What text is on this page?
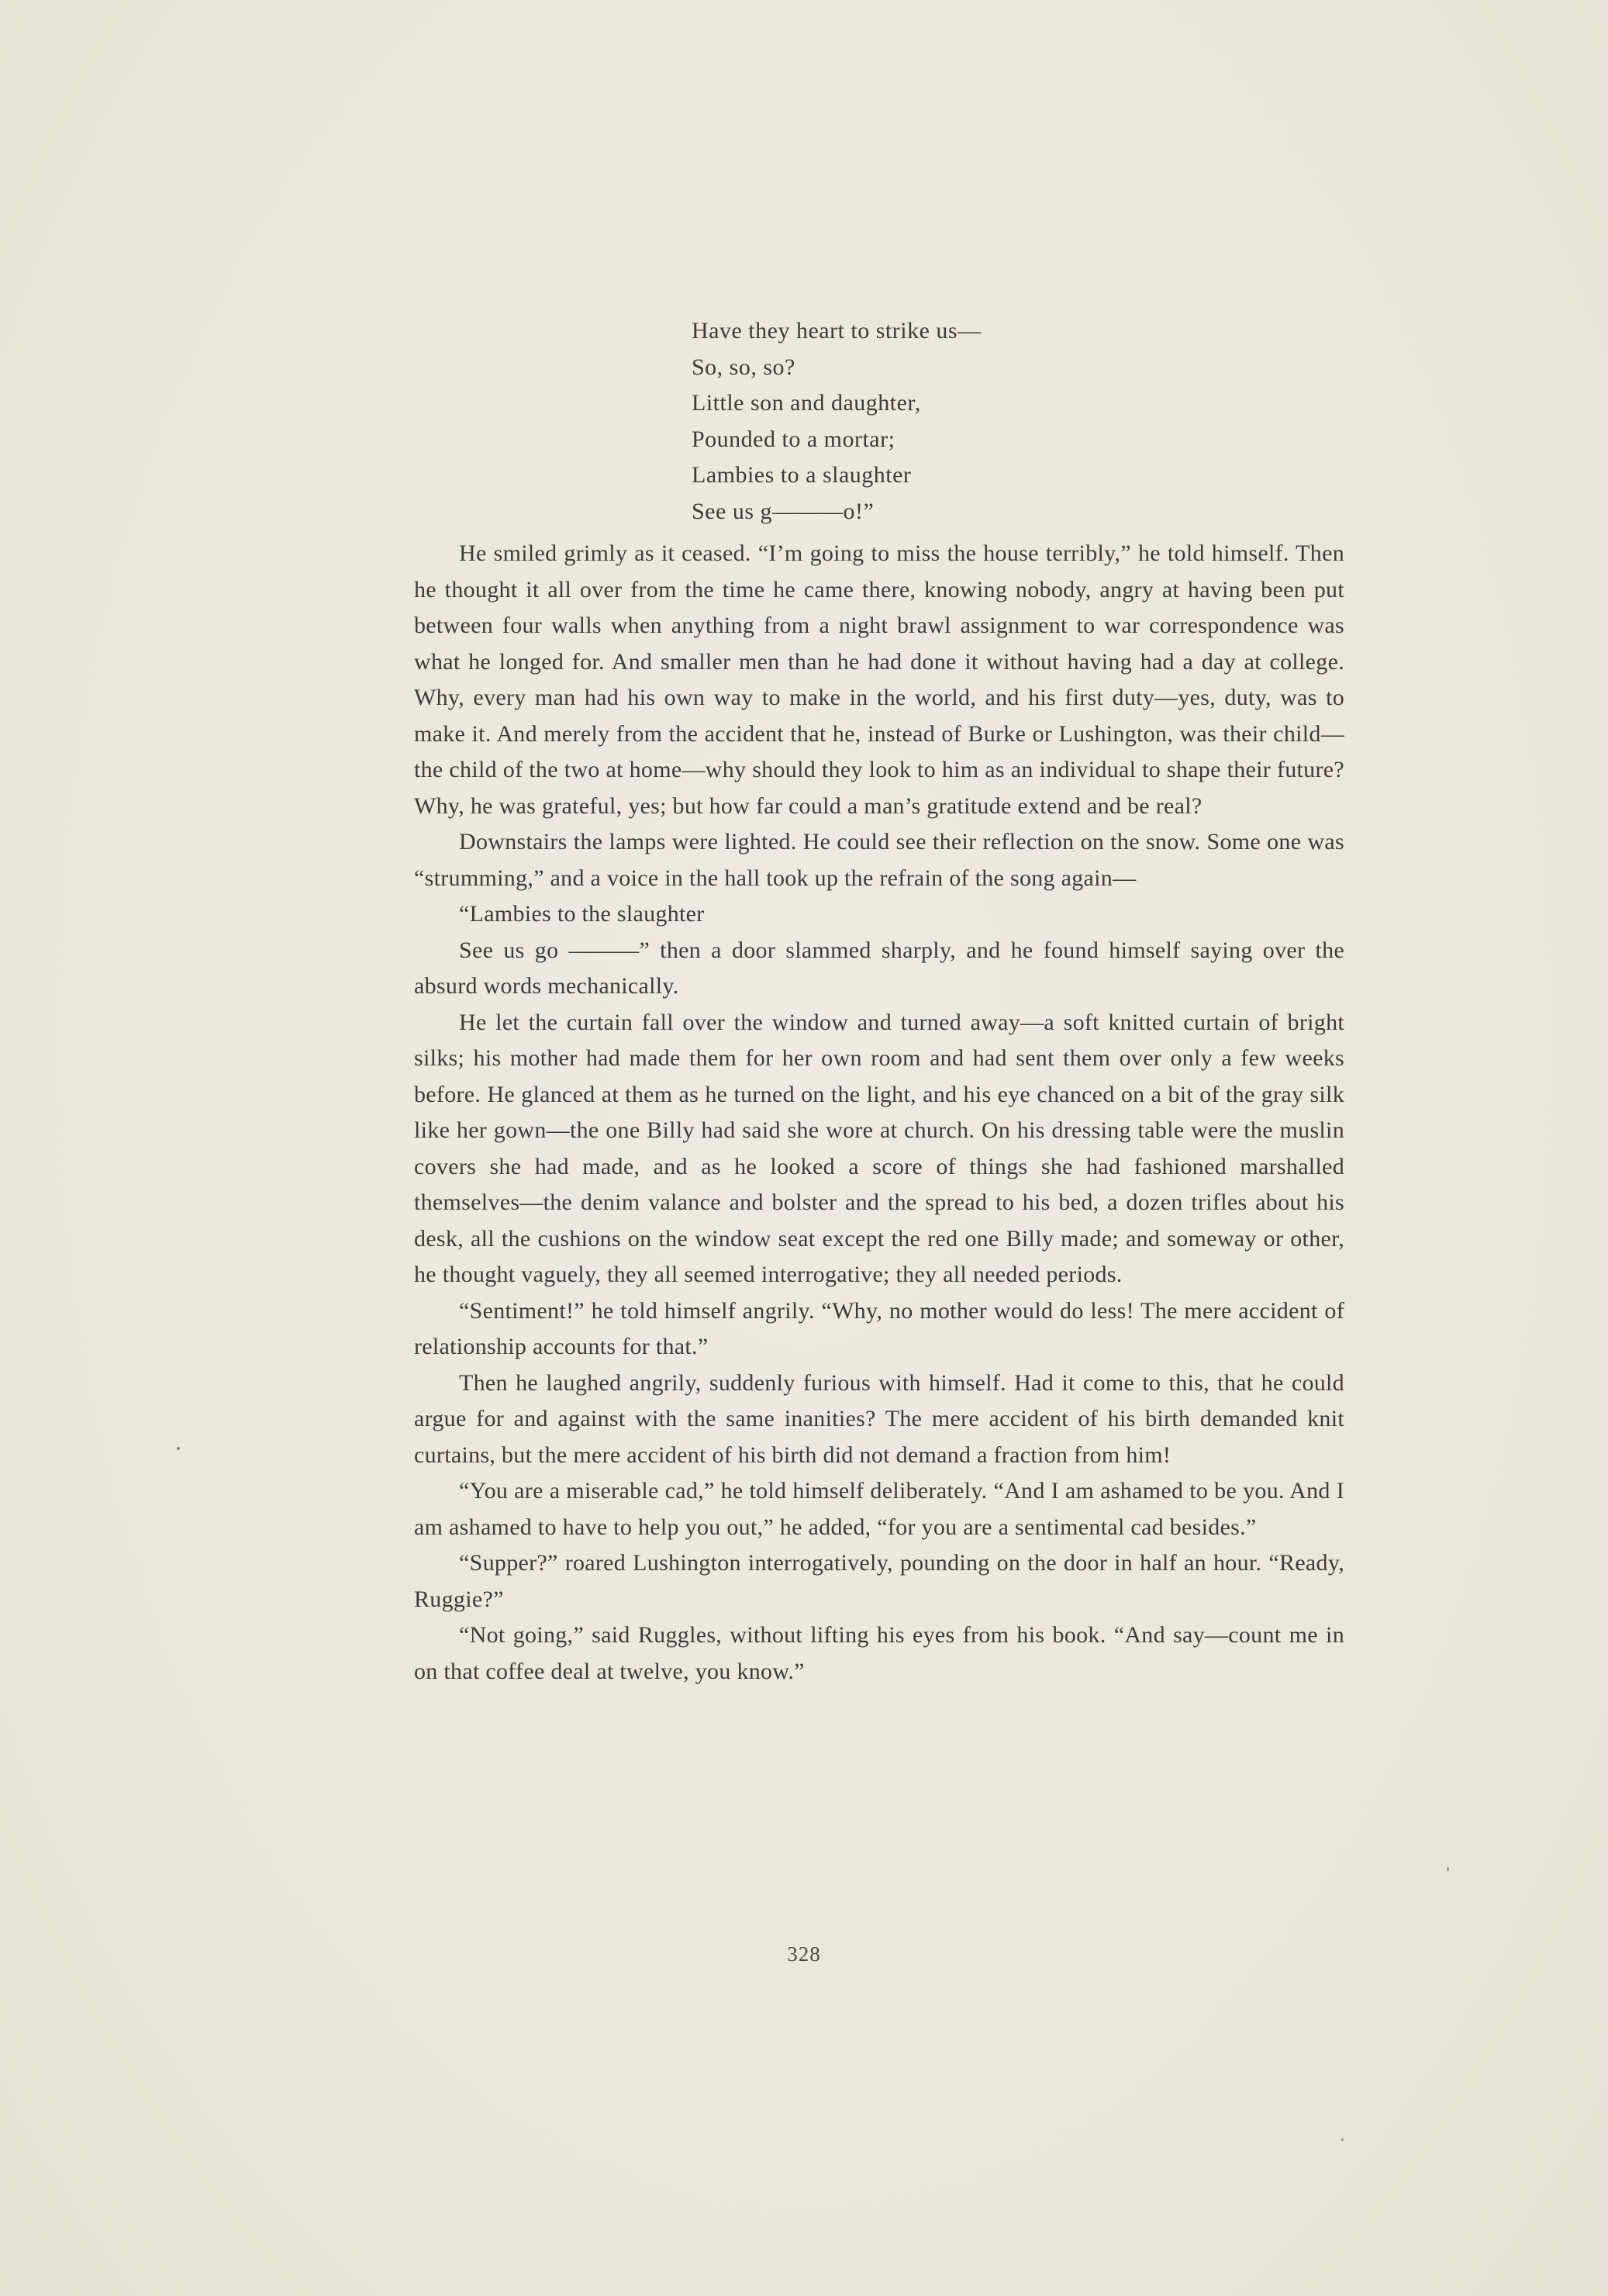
Have they heart to strike us—
So, so, so?
Little son and daughter,
Pounded to a mortar;
Lambies to a slaughter
See us g———o!”

He smiled grimly as it ceased. “I’m going to miss the house terribly,” he told himself. Then he thought it all over from the time he came there, knowing nobody, angry at having been put between four walls when anything from a night brawl assignment to war correspondence was what he longed for. And smaller men than he had done it without having had a day at college. Why, every man had his own way to make in the world, and his first duty—yes, duty, was to make it. And merely from the accident that he, instead of Burke or Lushington, was their child—the child of the two at home—why should they look to him as an individual to shape their future? Why, he was grateful, yes; but how far could a man’s gratitude extend and be real?

Downstairs the lamps were lighted. He could see their reflection on the snow. Some one was “strumming,” and a voice in the hall took up the refrain of the song again—

“Lambies to the slaughter

See us go ———” then a door slammed sharply, and he found himself saying over the absurd words mechanically.

He let the curtain fall over the window and turned away—a soft knitted curtain of bright silks; his mother had made them for her own room and had sent them over only a few weeks before. He glanced at them as he turned on the light, and his eye chanced on a bit of the gray silk like her gown—the one Billy had said she wore at church. On his dressing table were the muslin covers she had made, and as he looked a score of things she had fashioned marshalled themselves—the denim valance and bolster and the spread to his bed, a dozen trifles about his desk, all the cushions on the window seat except the red one Billy made; and someway or other, he thought vaguely, they all seemed interrogative; they all needed periods.

“Sentiment!” he told himself angrily. “Why, no mother would do less! The mere accident of relationship accounts for that.”

Then he laughed angrily, suddenly furious with himself. Had it come to this, that he could argue for and against with the same inanities? The mere accident of his birth demanded knit curtains, but the mere accident of his birth did not demand a fraction from him!

“You are a miserable cad,” he told himself deliberately. “And I am ashamed to be you. And I am ashamed to have to help you out,” he added, “for you are a sentimental cad besides.”

“Supper?” roared Lushington interrogatively, pounding on the door in half an hour. “Ready, Ruggie?”

“Not going,” said Ruggles, without lifting his eyes from his book. “And say—count me in on that coffee deal at twelve, you know.”

328
